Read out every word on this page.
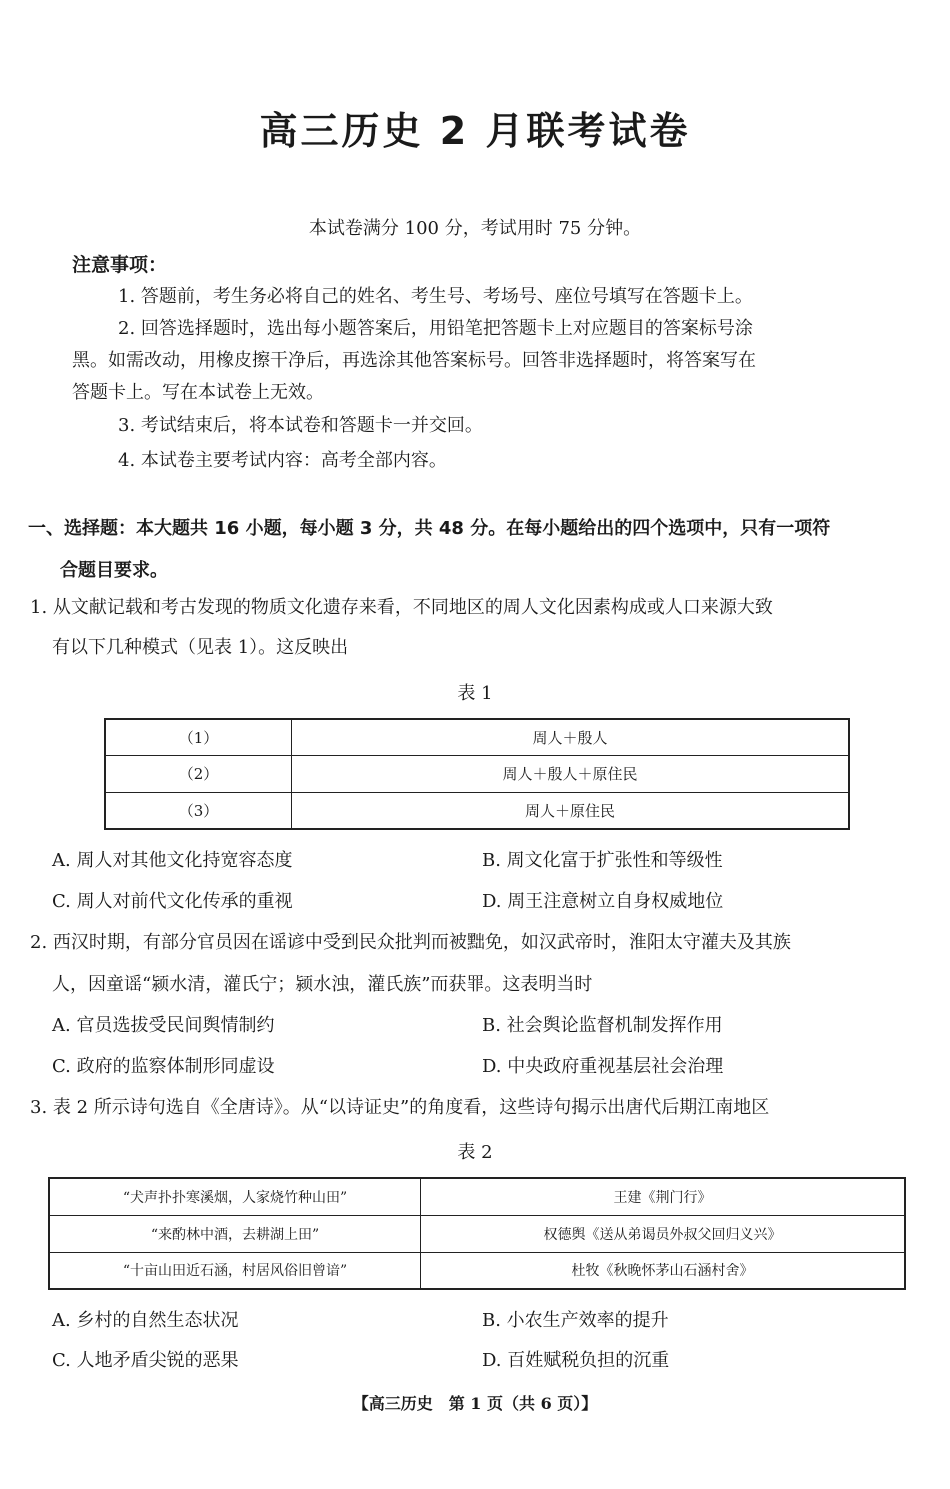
高三历史 2 月联考试卷
本试卷满分 100 分，考试用时 75 分钟。
注意事项：
1. 答题前，考生务必将自己的姓名、考生号、考场号、座位号填写在答题卡上。
2. 回答选择题时，选出每小题答案后，用铅笔把答题卡上对应题目的答案标号涂
黑。如需改动，用橡皮擦干净后，再选涂其他答案标号。回答非选择题时，将答案写在
答题卡上。写在本试卷上无效。
3. 考试结束后，将本试卷和答题卡一并交回。
4. 本试卷主要考试内容：高考全部内容。
一、选择题：本大题共 16 小题，每小题 3 分，共 48 分。在每小题给出的四个选项中，只有一项符
合题目要求。
1. 从文献记载和考古发现的物质文化遗存来看，不同地区的周人文化因素构成或人口来源大致
有以下几种模式（见表 1）。这反映出
表 1
（1）	周人＋殷人
（2）	周人＋殷人＋原住民
（3）	周人＋原住民
A. 周人对其他文化持宽容态度	B. 周文化富于扩张性和等级性
C. 周人对前代文化传承的重视	D. 周王注意树立自身权威地位
2. 西汉时期，有部分官员因在谣谚中受到民众批判而被黜免，如汉武帝时，淮阳太守灌夫及其族
人，因童谣“颍水清，灌氏宁；颍水浊，灌氏族”而获罪。这表明当时
A. 官员选拔受民间舆情制约	B. 社会舆论监督机制发挥作用
C. 政府的监察体制形同虚设	D. 中央政府重视基层社会治理
3. 表 2 所示诗句选自《全唐诗》。从“以诗证史”的角度看，这些诗句揭示出唐代后期江南地区
表 2
“犬声扑扑寒溪烟，人家烧竹种山田”	王建《荆门行》
“来酌林中酒，去耕湖上田”	权德舆《送从弟谒员外叔父回归义兴》
“十亩山田近石涵，村居风俗旧曾谙”	杜牧《秋晚怀茅山石涵村舍》
A. 乡村的自然生态状况	B. 小农生产效率的提升
C. 人地矛盾尖锐的恶果	D. 百姓赋税负担的沉重
【高三历史　第 1 页（共 6 页）】
